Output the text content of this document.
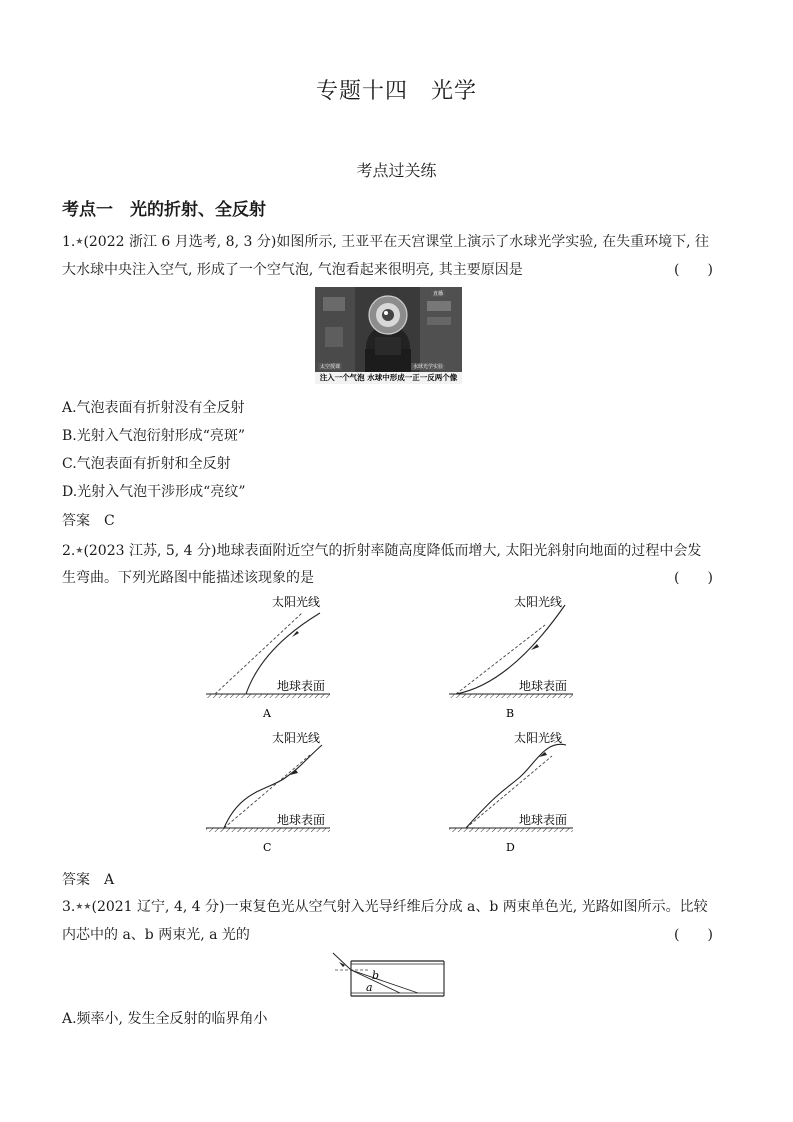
专题十四　光学
考点过关练
考点一　光的折射、全反射
1.★(2022 浙江 6 月选考, 8, 3 分)如图所示, 王亚平在天宫课堂上演示了水球光学实验, 在失重环境下, 往
大水球中央注入空气, 形成了一个空气泡, 气泡看起来很明亮, 其主要原因是	(　　)
太空授课	水球光学实验
直播
注入一个气泡 水球中形成一正一反两个像
A.气泡表面有折射没有全反射
B.光射入气泡衍射形成“亮斑”
C.气泡表面有折射和全反射
D.光射入气泡干涉形成“亮纹”
答案　C
2.★(2023 江苏, 5, 4 分)地球表面附近空气的折射率随高度降低而增大, 太阳光斜射向地面的过程中会发
生弯曲。下列光路图中能描述该现象的是	(　　)
太阳光线
地球表面
A
太阳光线
地球表面
B
太阳光线
地球表面
C
太阳光线
地球表面
D
b
a
答案　A
3.★★(2021 辽宁, 4, 4 分)一束复色光从空气射入光导纤维后分成 a、b 两束单色光, 光路如图所示。比较
内芯中的 a、b 两束光, a 光的	(　　)
A.频率小, 发生全反射的临界角小
